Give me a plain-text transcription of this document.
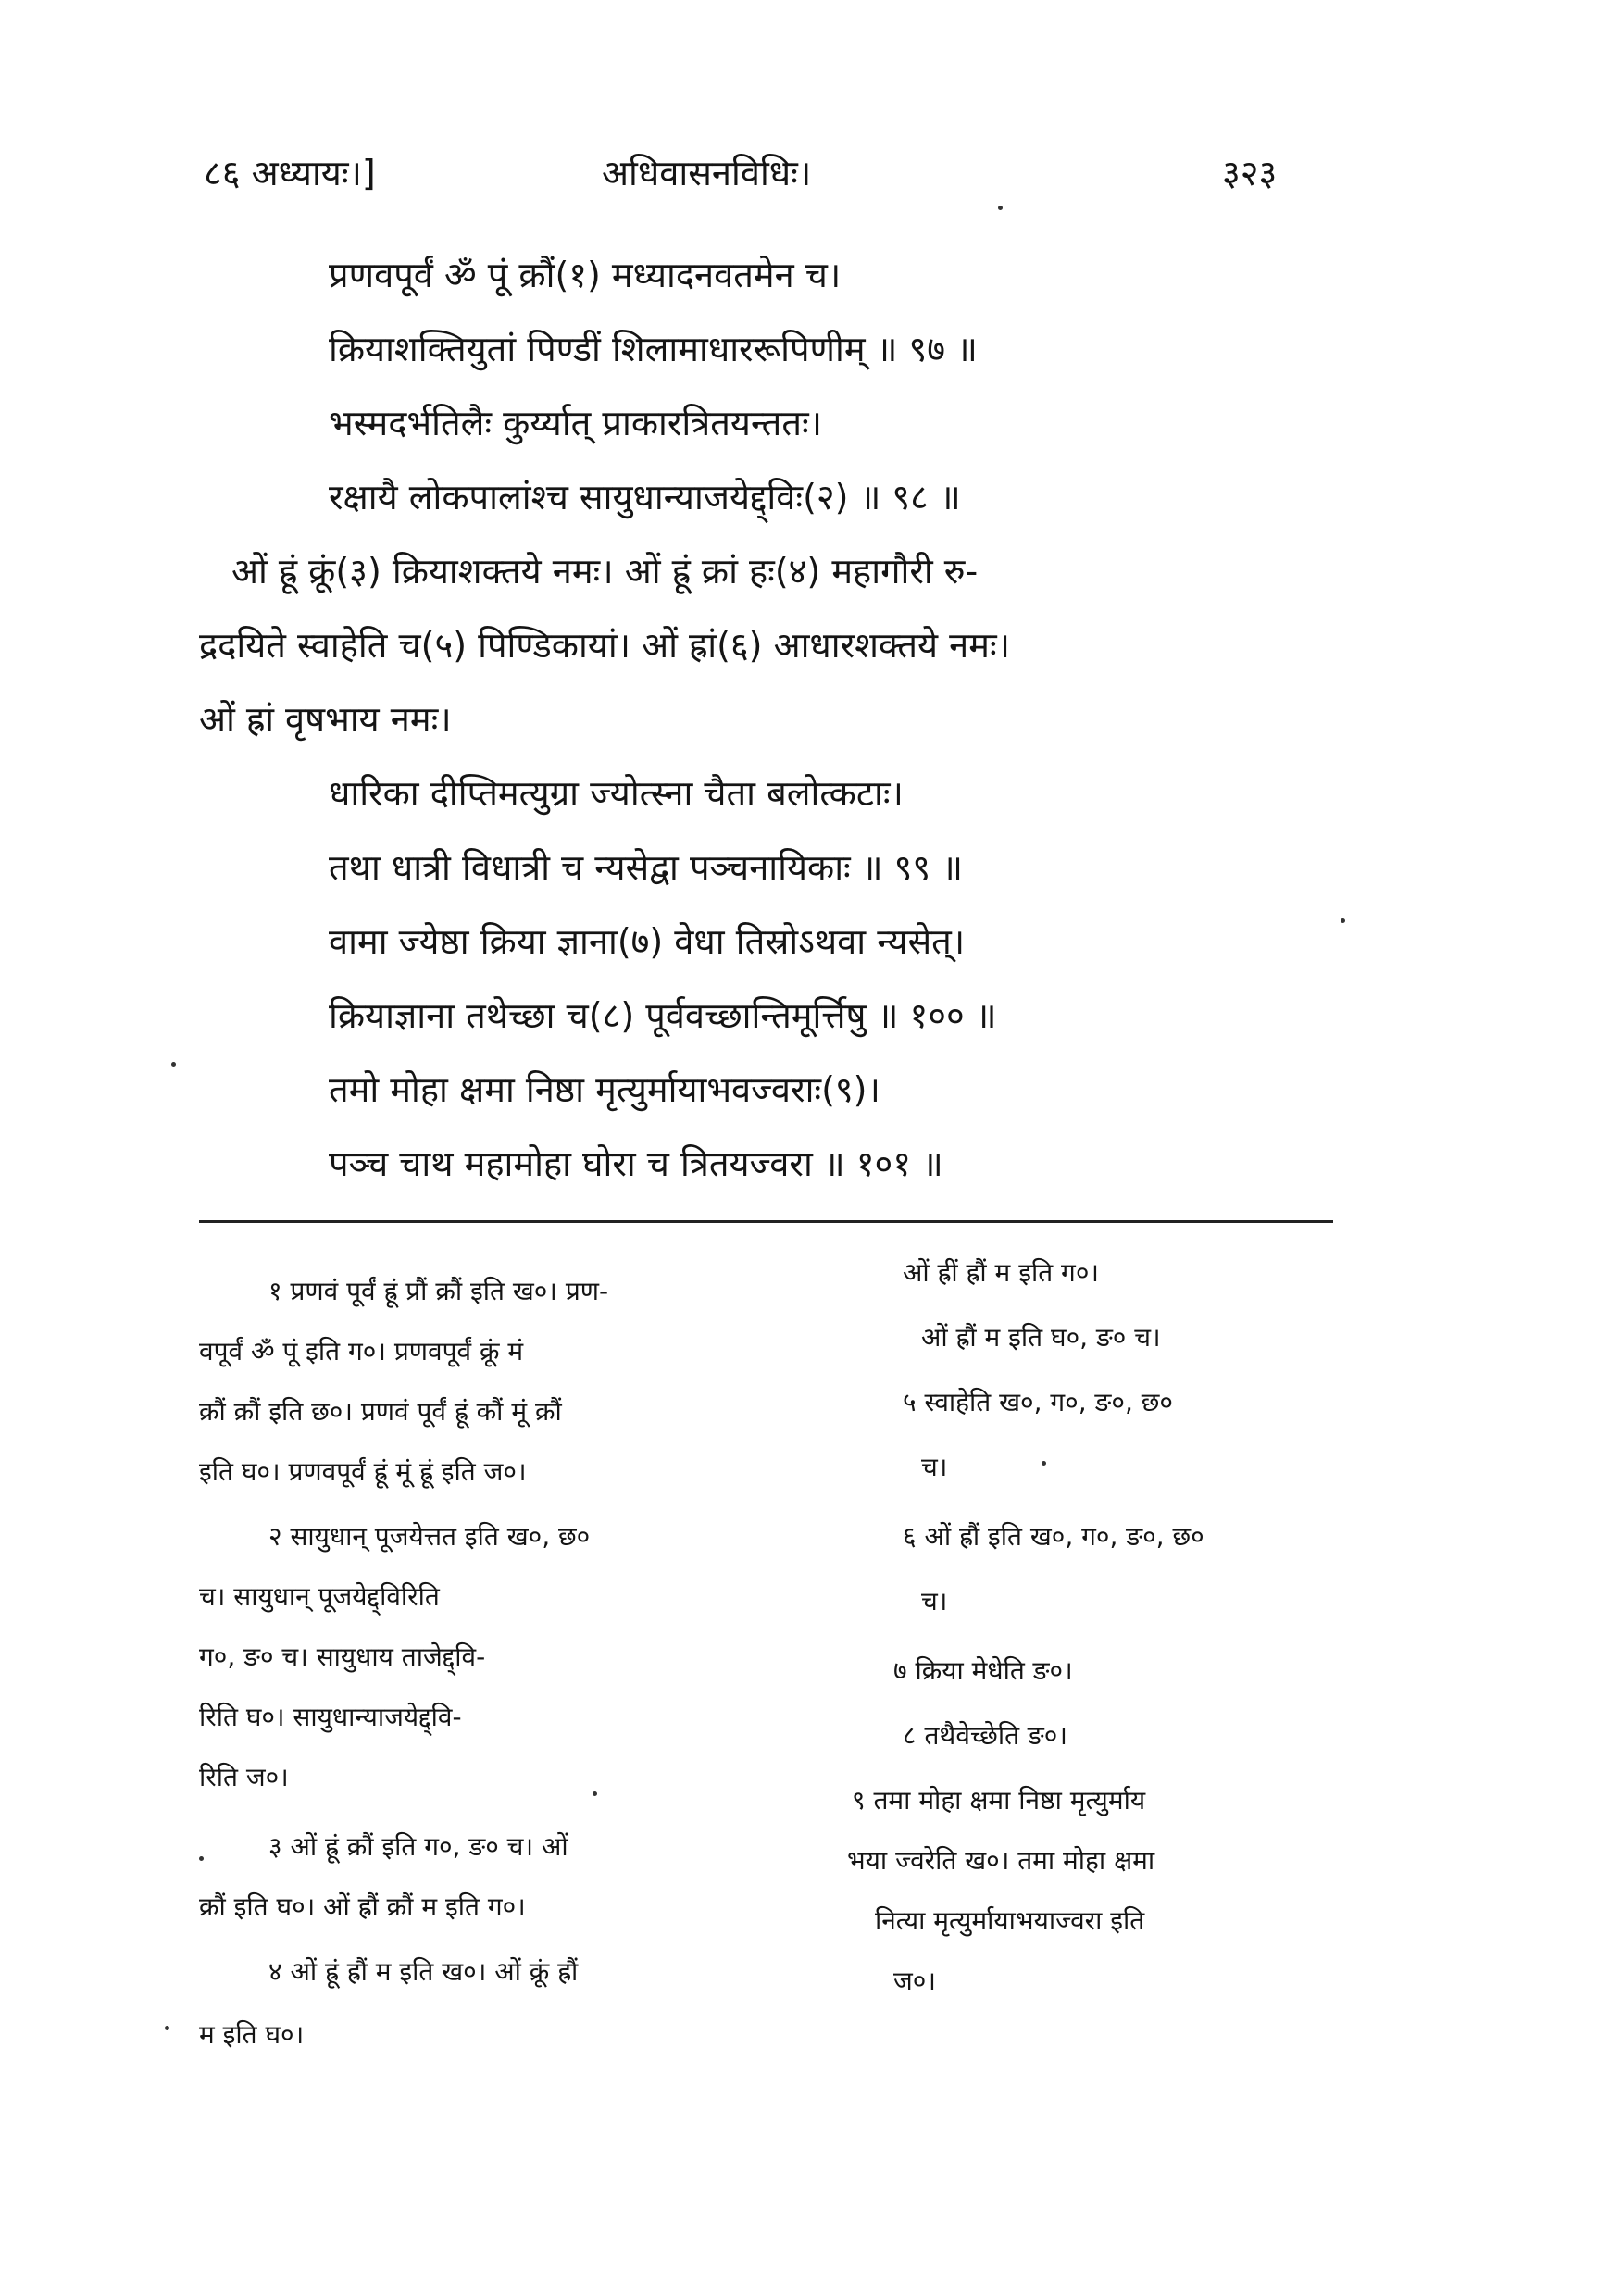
८६ अध्यायः।]	अधिवासनविधिः।	३२३
प्रणवपूर्वं ॐ पूं क्रौं(१) मध्यादनवतमेन च।
क्रियाशक्तियुतां पिण्डीं शिलामाधाररूपिणीम् ॥ ९७ ॥
भस्मदर्भतिलैः कुर्य्यात् प्राकारत्रितयन्ततः।
रक्षायै लोकपालांश्च सायुधान्याजयेद्द्विः(२) ॥ ९८ ॥
ओं ह्रूं क्रूं(३) क्रियाशक्तये नमः। ओं ह्रूं क्रां हः(४) महागौरी रु-
द्रदयिते स्वाहेति च(५) पिण्डिकायां। ओं ह्रां(६) आधारशक्तये नमः।
ओं ह्रां वृषभाय नमः।
धारिका दीप्तिमत्युग्रा ज्योत्स्ना चैता बलोत्कटाः।
तथा धात्री विधात्री च न्यसेद्वा पञ्चनायिकाः ॥ ९९ ॥
वामा ज्येष्ठा क्रिया ज्ञाना(७) वेधा तिस्रोऽथवा न्यसेत्।
क्रियाज्ञाना तथेच्छा च(८) पूर्ववच्छान्तिमूर्त्तिषु ॥ १०० ॥
तमो मोहा क्षमा निष्ठा मृत्युर्मायाभवज्वराः(९)।
पञ्च चाथ महामोहा घोरा च त्रितयज्वरा ॥ १०१ ॥
१ प्रणवं पूर्वं ह्रूं प्रौं क्रौं इति ख०। प्रण-
वपूर्वं ॐ पूं इति ग०। प्रणवपूर्वं क्रूं मं
क्रौं क्रौं इति छ०। प्रणवं पूर्वं ह्रूं कौं मूं क्रौं
इति घ०। प्रणवपूर्वं ह्रूं मूं ह्रूं इति ज०।
२ सायुधान् पूजयेत्तत इति ख०, छ०
च। सायुधान् पूजयेद्द्विरिति
ग०, ङ० च। सायुधाय ताजेद्द्वि-
रिति घ०। सायुधान्याजयेद्द्वि-
रिति ज०।
३ ओं ह्रूं क्रौं इति ग०, ङ० च। ओं
क्रौं इति घ०। ओं ह्रौं क्रौं म इति ग०।
४ ओं ह्रूं ह्रौं म इति ख०। ओं क्रूं ह्रौं
म इति घ०।
ओं ह्रीं ह्रौं म इति ग०।
ओं ह्रौं म इति घ०, ङ० च।
५ स्वाहेति ख०, ग०, ङ०, छ०
च।
६ ओं ह्रौं इति ख०, ग०, ङ०, छ०
च।
७ क्रिया मेधेति ङ०।
८ तथैवेच्छेति ङ०।
९ तमा मोहा क्षमा निष्ठा मृत्युर्माय
भया ज्वरेति ख०। तमा मोहा क्षमा
नित्या मृत्युर्मायाभयाज्वरा इति
ज०।
